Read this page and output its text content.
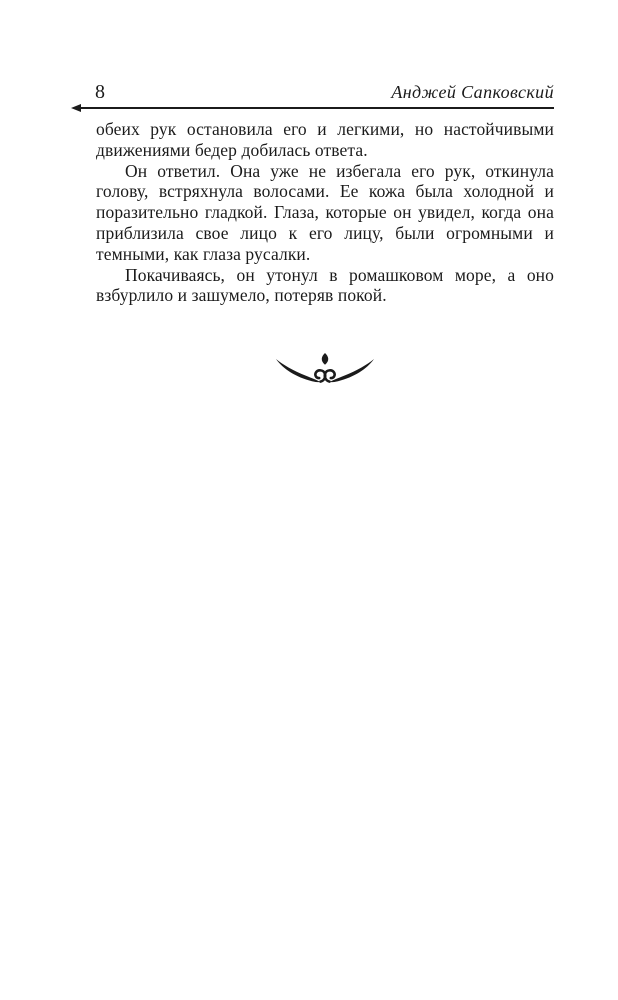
8	Анджей Сапковский

обеих рук остановила его и легкими, но настойчивыми движениями бедер добилась ответа.

Он ответил. Она уже не избегала его рук, откинула голову, встряхнула волосами. Ее кожа была холодной и поразительно гладкой. Глаза, которые он увидел, когда она приблизила свое лицо к его лицу, были огромными и темными, как глаза русалки.

Покачиваясь, он утонул в ромашковом море, а оно взбурлило и зашумело, потеряв покой.
